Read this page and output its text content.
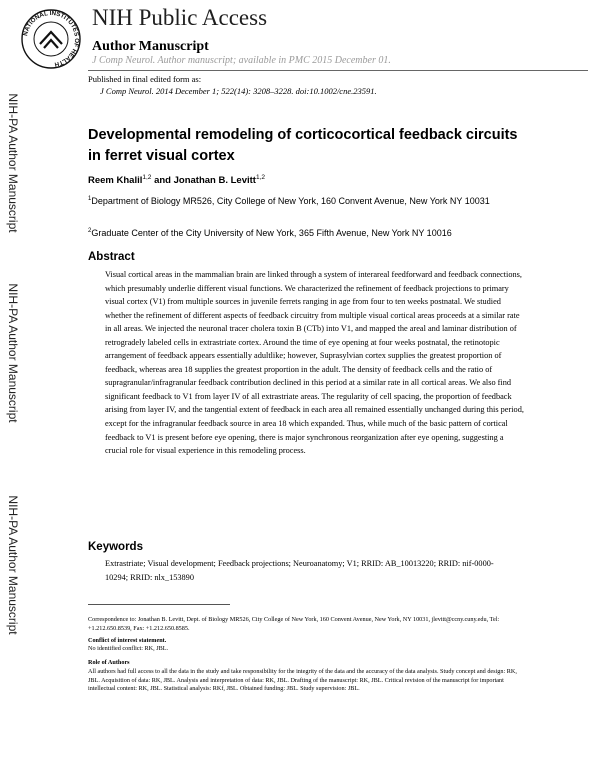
NATIONAL INSTITUTES OF HEALTH
NIH Public Access
Author Manuscript
J Comp Neurol. Author manuscript; available in PMC 2015 December 01.
Published in final edited form as:
J Comp Neurol. 2014 December 1; 522(14): 3208–3228. doi:10.1002/cne.23591.
NIH-PA Author Manuscript
NIH-PA Author Manuscript
NIH-PA Author Manuscript
Developmental remodeling of corticocortical feedback circuits in ferret visual cortex
Reem Khalil$^{1,2}$ and Jonathan B. Levitt$^{1,2}$
$^1$Department of Biology MR526, City College of New York, 160 Convent Avenue, New York NY 10031
$^2$Graduate Center of the City University of New York, 365 Fifth Avenue, New York NY 10016
Abstract
Visual cortical areas in the mammalian brain are linked through a system of interareal feedforward and feedback connections, which presumably underlie different visual functions. We characterized the refinement of feedback projections to primary visual cortex (V1) from multiple sources in juvenile ferrets ranging in age from four to ten weeks postnatal. We studied whether the refinement of different aspects of feedback circuitry from multiple visual cortical areas proceeds at a similar rate in all areas. We injected the neuronal tracer cholera toxin B (CTb) into V1, and mapped the areal and laminar distribution of retrogradely labeled cells in extrastriate cortex. Around the time of eye opening at four weeks postnatal, the retinotopic arrangement of feedback appears essentially adultlike; however, Suprasylvian cortex supplies the greatest proportion of feedback, whereas area 18 supplies the greatest proportion in the adult. The density of feedback cells and the ratio of supragranular/infragranular feedback contribution declined in this period at a similar rate in all cortical areas. We also find significant feedback to V1 from layer IV of all extrastriate areas. The regularity of cell spacing, the proportion of feedback arising from layer IV, and the tangential extent of feedback in each area all remained essentially unchanged during this period, except for the infragranular feedback source in area 18 which expanded. Thus, while much of the basic pattern of cortical feedback to V1 is present before eye opening, there is major synchronous reorganization after eye opening, suggesting a crucial role for visual experience in this remodeling process.
Keywords
Extrastriate; Visual development; Feedback projections; Neuroanatomy; V1; RRID: AB_10013220; RRID: nif-0000-10294; RRID: nlx_153890
Correspondence to: Jonathan B. Levitt, Dept. of Biology MR526, City College of New York, 160 Convent Avenue, New York, NY 10031, jlevitt@ccny.cuny.edu, Tel: +1.212.650.8539, Fax: +1.212.650.8585.
Conflict of interest statement.
No identified conflict: RK, JBL.
Role of Authors
All authors had full access to all the data in the study and take responsibility for the integrity of the data and the accuracy of the data analysis. Study concept and design: RK, JBL. Acquisition of data: RK, JBL. Analysis and interpretation of data: RK, JBL. Drafting of the manuscript: RK, JBL. Critical revision of the manuscript for important intellectual content: RK, JBL. Statistical analysis: RKf, JBL. Obtained funding: JBL. Study supervision: JBL.
